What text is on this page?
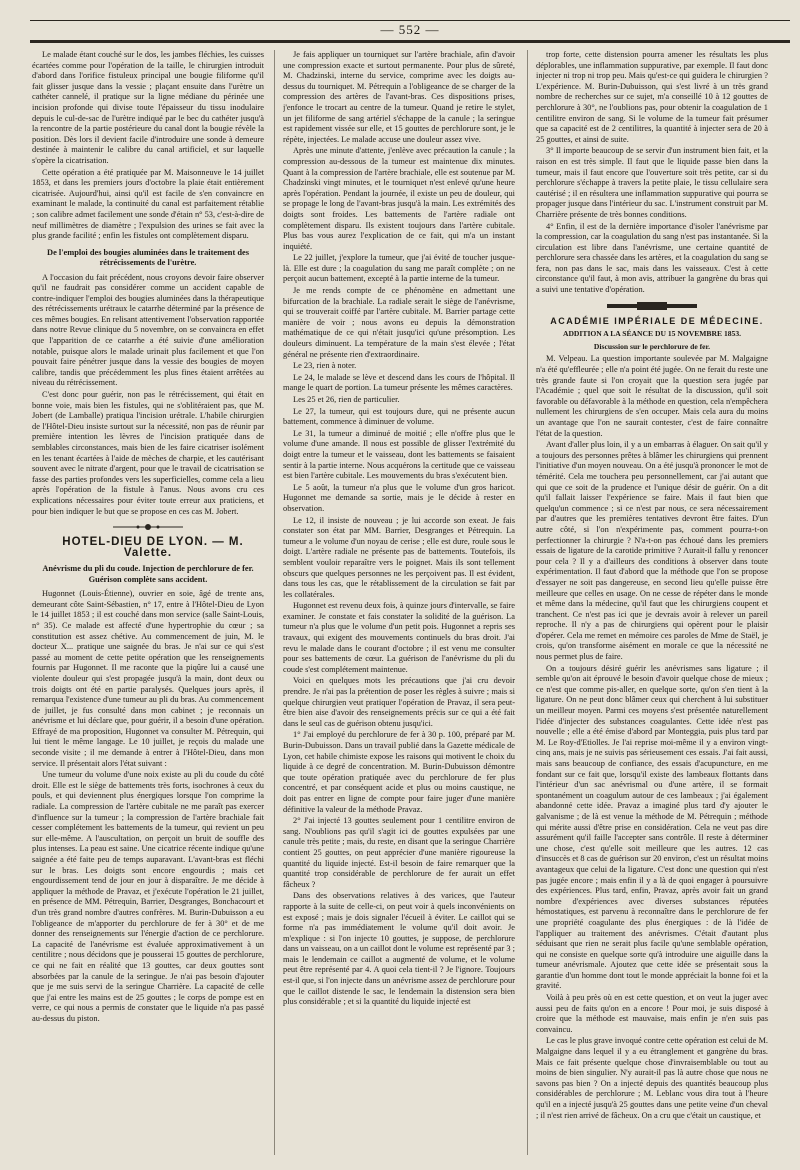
— 552 —

Le malade étant couché sur le dos, les jambes fléchies, les cuisses écartées comme pour l'opération de la taille, le chirurgien introduit d'abord dans l'orifice fistuleux principal une bougie filiforme qu'il fait glisser jusque dans la vessie ; plaçant ensuite dans l'urètre un cathéter cannelé, il pratique sur la ligne médiane du périnée une incision profonde qui divise toute l'épaisseur du tissu inodulaire depuis le cul-de-sac de l'urètre indiqué par le bec du cathéter jusqu'à la rencontre de la partie postérieure du canal dont la bougie révèle la position. Dès lors il devient facile d'introduire une sonde à demeure destinée à maintenir le calibre du canal artificiel, et sur laquelle s'opère la cicatrisation.

Cette opération a été pratiquée par M. Maisonneuve le 14 juillet 1853, et dans les premiers jours d'octobre la plaie était entièrement cicatrisée. Aujourd'hui, ainsi qu'il est facile de s'en convaincre en examinant le malade, la continuité du canal est parfaitement rétablie ; son calibre admet facilement une sonde d'étain n° 53, c'est-à-dire de neuf millimètres de diamètre ; l'expulsion des urines se fait avec la plus grande facilité ; enfin les fistules ont complètement disparu.

De l'emploi des bougies aluminées dans le traitement des rétrécissements de l'urètre.

A l'occasion du fait précédent, nous croyons devoir faire observer qu'il ne faudrait pas considérer comme un accident capable de contre-indiquer l'emploi des bougies aluminées dans la thérapeutique des rétrécissements urétraux le catarrhe déterminé par la présence de ces mêmes bougies. En relisant attentivement l'observation rapportée dans notre Revue clinique du 5 novembre, on se convaincra en effet que l'apparition de ce catarrhe a été suivie d'une amélioration notable, puisque alors le malade urinait plus facilement et que l'on pouvait faire pénétrer jusque dans la vessie des bougies de moyen calibre, tandis que précédemment les plus fines étaient arrêtées au niveau du rétrécissement.

C'est donc pour guérir, non pas le rétrécissement, qui était en bonne voie, mais bien les fistules, qui ne s'oblitéraient pas, que M. Jobert (de Lamballe) pratiqua l'incision urétrale. L'habile chirurgien de l'Hôtel-Dieu insiste surtout sur la nécessité, non pas de réunir par première intention les lèvres de l'incision pratiquée dans de semblables circonstances, mais bien de les faire cicatriser isolément en les tenant écartées à l'aide de mèches de charpie, et les cautérisant souvent avec le nitrate d'argent, pour que le travail de cicatrisation se fasse des parties profondes vers les superficielles, comme cela a lieu après l'opération de la fistule à l'anus. Nous avons cru ces explications nécessaires pour éviter toute erreur aux praticiens, et pour bien indiquer le but que se propose en ces cas M. Jobert.

HOTEL-DIEU DE LYON. — M. Valette.

Anévrisme du pli du coude. Injection de perchlorure de fer. Guérison complète sans accident.

Hugonnet (Louis-Étienne), ouvrier en soie, âgé de trente ans, demeurant côte Saint-Sébastien, n° 17, entre à l'Hôtel-Dieu de Lyon le 14 juillet 1853 ; il est couché dans mon service (salle Saint-Louis, n° 35). Ce malade est affecté d'une hypertrophie du cœur ; sa constitution est assez chétive. Au commencement de juin, M. le docteur X... pratique une saignée du bras. Je n'ai sur ce qui s'est passé au moment de cette petite opération que les renseignements fournis par Hugonnet. Il me raconte que la piqûre lui a causé une violente douleur qui s'est propagée jusqu'à la main, dont deux ou trois doigts ont été en partie paralysés. Quelques jours après, il remarqua l'existence d'une tumeur au pli du bras. Au commencement de juillet, je fus consulté dans mon cabinet ; je reconnais un anévrisme et lui déclare que, pour guérir, il a besoin d'une opération. Effrayé de ma proposition, Hugonnet va consulter M. Pétrequin, qui lui tient le même langage. Le 10 juillet, je reçois du malade une seconde visite ; il me demande à entrer à l'Hôtel-Dieu, dans mon service. Il présentait alors l'état suivant :

Une tumeur du volume d'une noix existe au pli du coude du côté droit. Elle est le siège de battements très forts, isochrones à ceux du pouls, et qui deviennent plus énergiques lorsque l'on comprime la radiale. La compression de l'artère cubitale ne me paraît pas exercer d'influence sur la tumeur ; la compression de l'artère brachiale fait cesser complétement les battements de la tumeur, qui revient un peu sur elle-même. A l'auscultation, on perçoit un bruit de souffle des plus intenses. La peau est saine. Une cicatrice récente indique qu'une saignée a été faite peu de temps auparavant. L'avant-bras est fléchi sur le bras. Les doigts sont encore engourdis ; mais cet engourdissement tend de jour en jour à disparaître. Je me décide à appliquer la méthode de Pravaz, et j'exécute l'opération le 21 juillet, en présence de MM. Pétrequin, Barrier, Desgranges, Bonchacourt et d'un très grand nombre d'autres confrères. M. Burin-Dubuisson a eu l'obligeance de m'apporter du perchlorure de fer à 30° et de me donner des renseignements sur l'énergie d'action de ce perchlorure. La capacité de l'anévrisme est évaluée approximativement à un centilitre ; nous décidons que je pousserai 15 gouttes de perchlorure, ce qui ne fait en réalité que 13 gouttes, car deux gouttes sont absorbées par la canule de la seringue. Je n'ai pas besoin d'ajouter que je me suis servi de la seringue Charrière. La capacité de celle que j'ai entre les mains est de 25 gouttes ; le corps de pompe est en verre, ce qui nous a permis de constater que le liquide n'a pas passé au-dessus du piston.

Je fais appliquer un tourniquet sur l'artère brachiale, afin d'avoir une compression exacte et surtout permanente. Pour plus de sûreté, M. Chadzinski, interne du service, comprime avec les doigts au-dessus du tourniquet. M. Pétrequin a l'obligeance de se charger de la compression des artères de l'avant-bras. Ces dispositions prises, j'enfonce le trocart au centre de la tumeur. Quand je retire le stylet, un jet filiforme de sang artériel s'échappe de la canule ; la seringue est rapidement vissée sur elle, et 15 gouttes de perchlorure sont, je le répète, injectées. Le malade accuse une douleur assez vive.

Après une minute d'attente, j'enlève avec précaution la canule ; la compression au-dessous de la tumeur est maintenue dix minutes. Quant à la compression de l'artère brachiale, elle est soutenue par M. Chadzinski vingt minutes, et le tourniquet n'est enlevé qu'une heure après l'opération. Pendant la journée, il existe un peu de douleur, qui se propage le long de l'avant-bras jusqu'à la main. Les extrémités des doigts sont froides. Les battements de l'artère radiale ont complètement disparu. Ils existent toujours dans l'artère cubitale. Plus bas vous aurez l'explication de ce fait, qui m'a un instant inquiété.

Le 22 juillet, j'explore la tumeur, que j'ai évité de toucher jusque-là. Elle est dure ; la coagulation du sang me paraît complète ; on ne perçoit aucun battement, excepté à la partie interne de la tumeur.

Je me rends compte de ce phénomène en admettant une bifurcation de la brachiale. La radiale serait le siège de l'anévrisme, qui se trouverait coiffé par l'artère cubitale. M. Barrier partage cette manière de voir ; nous avons eu depuis la démonstration mathématique de ce qui n'était jusqu'ici qu'une présomption. Les douleurs diminuent. La température de la main s'est élevée ; l'état général ne présente rien d'extraordinaire.

Le 23, rien à noter.

Le 24, le malade se lève et descend dans les cours de l'hôpital. Il mange le quart de portion. La tumeur présente les mêmes caractères.

Les 25 et 26, rien de particulier.

Le 27, la tumeur, qui est toujours dure, qui ne présente aucun battement, commence à diminuer de volume.

Le 31, la tumeur a diminué de moitié ; elle n'offre plus que le volume d'une amande. Il nous est possible de glisser l'extrémité du doigt entre la tumeur et le vaisseau, dont les battements se faisaient sentir à la partie interne. Nous acquérons la certitude que ce vaisseau est bien l'artère cubitale. Les mouvements du bras s'exécutent bien.

Le 5 août, la tumeur n'a plus que le volume d'un gros haricot. Hugonnet me demande sa sortie, mais je le décide à rester en observation.

Le 12, il insiste de nouveau ; je lui accorde son exeat. Je fais constater son état par MM. Barrier, Desgranges et Pétrequin. La tumeur a le volume d'un noyau de cerise ; elle est dure, roule sous le doigt. L'artère radiale ne présente pas de battements. Toutefois, ils semblent vouloir reparaître vers le poignet. Mais ils sont tellement obscurs que quelques personnes ne les perçoivent pas. Il est évident, dans tous les cas, que le rétablissement de la circulation se fait par les collatérales.

Hugonnet est revenu deux fois, à quinze jours d'intervalle, se faire examiner. Je constate et fais constater la solidité de la guérison. La tumeur n'a plus que le volume d'un petit pois. Hugonnet a repris ses travaux, qui exigent des mouvements continuels du bras droit. J'ai revu le malade dans le courant d'octobre ; il est venu me consulter pour ses battements de cœur. La guérison de l'anévrisme du pli du coude s'est complétement maintenue.

Voici en quelques mots les précautions que j'ai cru devoir prendre. Je n'ai pas la prétention de poser les règles à suivre ; mais si quelque chirurgien veut pratiquer l'opération de Pravaz, il sera peut-être bien aise d'avoir des renseignements précis sur ce qui a été fait dans le seul cas de guérison obtenu jusqu'ici.

1° J'ai employé du perchlorure de fer à 30 p. 100, préparé par M. Burin-Dubuisson. Dans un travail publié dans la Gazette médicale de Lyon, cet habile chimiste expose les raisons qui motivent le choix du liquide à ce degré de concentration. M. Burin-Dubuisson démontre que toute opération pratiquée avec du perchlorure de fer plus concentré, et par conséquent acide et plus ou moins caustique, ne doit pas entrer en ligne de compte pour faire juger d'une manière définitive la valeur de la méthode Pravaz.

2° J'ai injecté 13 gouttes seulement pour 1 centilitre environ de sang. N'oublions pas qu'il s'agit ici de gouttes expulsées par une canule très petite ; mais, du reste, en disant que la seringue Charrière contient 25 gouttes, on peut apprécier d'une manière rigoureuse la quantité du liquide injecté. Est-il besoin de faire remarquer que la quantité trop considérable de perchlorure de fer aurait un effet fâcheux ?

Dans des observations relatives à des varices, que l'auteur rapporte à la suite de celle-ci, on peut voir à quels inconvénients on est exposé ; mais je dois signaler l'écueil à éviter. Le caillot qui se forme n'a pas immédiatement le volume qu'il doit avoir. Je m'explique : si l'on injecte 10 gouttes, je suppose, de perchlorure dans un vaisseau, on a un caillot dont le volume est représenté par 3 ; mais le lendemain ce caillot a augmenté de volume, et le volume peut être représenté par 4. A quoi cela tient-il ? Je l'ignore. Toujours est-il que, si l'on injecte dans un anévrisme assez de perchlorure pour que le caillot distende le sac, le lendemain la distension sera bien plus considérable ; et si la quantité du liquide injecté est

trop forte, cette distension pourra amener les résultats les plus déplorables, une inflammation suppurative, par exemple. Il faut donc injecter ni trop ni trop peu. Mais qu'est-ce qui guidera le chirurgien ? L'expérience. M. Burin-Dubuisson, qui s'est livré à un très grand nombre de recherches sur ce sujet, m'a conseillé 10 à 12 gouttes de perchlorure à 30°, ne l'oublions pas, pour obtenir la coagulation de 1 centilitre environ de sang. Si le volume de la tumeur fait présumer que sa capacité est de 2 centilitres, la quantité à injecter sera de 20 à 25 gouttes, et ainsi de suite.

3° Il importe beaucoup de se servir d'un instrument bien fait, et la raison en est très simple. Il faut que le liquide passe bien dans la tumeur, mais il faut encore que l'ouverture soit très petite, car si du perchlorure s'échappe à travers la petite plaie, le tissu cellulaire sera cautérisé ; il en résultera une inflammation suppurative qui pourra se propager jusque dans l'intérieur du sac. L'instrument construit par M. Charrière présente de très bonnes conditions.

4° Enfin, il est de la dernière importance d'isoler l'anévrisme par la compression, car la coagulation du sang n'est pas instantanée. Si la circulation est libre dans l'anévrisme, une certaine quantité de perchlorure sera chassée dans les artères, et la coagulation du sang se fera, non pas dans le sac, mais dans les vaisseaux. C'est à cette circonstance qu'il faut, à mon avis, attribuer la gangrène du bras qui a suivi une tentative d'opération.

ACADÉMIE IMPÉRIALE DE MÉDECINE.

ADDITION A LA SÉANCE DU 15 NOVEMBRE 1853.

Discussion sur le perchlorure de fer.

M. Velpeau. La question importante soulevée par M. Malgaigne n'a été qu'effleurée ; elle n'a point été jugée. On ne ferait du reste une très grande faute si l'on croyait que la question sera jugée par l'Académie ; quel que soit le résultat de la discussion, qu'il soit favorable ou défavorable à la méthode en question, cela n'empêchera nullement les chirurgiens de s'en occuper. Mais cela aura du moins un avantage que l'on ne saurait contester, c'est de faire connaître l'état de la question.

Avant d'aller plus loin, il y a un embarras à élaguer. On sait qu'il y a toujours des personnes prêtes à blâmer les chirurgiens qui prennent l'initiative d'un moyen nouveau. On a été jusqu'à prononcer le mot de témérité. Cela me touchera peu personnellement, car j'ai autant que qui que ce soit de la prudence et l'unique désir de guérir. On a dit qu'il fallait laisser l'expérience se faire. Mais il faut bien que quelqu'un commence ; si ce n'est par nous, ce sera nécessairement par d'autres que les premières tentatives devront être faites. D'un autre côté, si l'on n'expérimente pas, comment pourra-t-on perfectionner la chirurgie ? N'a-t-on pas échoué dans les premiers essais de ligature de la carotide primitive ? Aurait-il fallu y renoncer pour cela ? Il y a d'ailleurs des conditions à observer dans toute expérimentation. Il faut d'abord que la méthode que l'on se propose d'essayer ne soit pas dangereuse, en second lieu qu'elle puisse être meilleure que celles en usage. On ne cesse de répéter dans le monde et même dans la médecine, qu'il faut que les chirurgiens coupent et tranchent. Ce n'est pas ici que je devrais avoir à relever un pareil reproche. Il n'y a pas de chirurgiens qui opèrent pour le plaisir d'opérer. Cela me remet en mémoire ces paroles de Mme de Staël, je crois, qu'on transforme aisément en morale ce que la nécessité ne nous permet plus de faire.

On a toujours désiré guérir les anévrismes sans ligature ; il semble qu'on ait éprouvé le besoin d'avoir quelque chose de mieux ; ce n'est que comme pis-aller, en quelque sorte, qu'on s'en tient à la ligature. On ne peut donc blâmer ceux qui cherchent à lui substituer un meilleur moyen. Parmi ces moyens s'est présentée naturellement l'idée d'injecter des substances coagulantes. Cette idée n'est pas nouvelle ; elle a été émise d'abord par Monteggia, puis plus tard par M. Le Roy-d'Etiolles. Je l'ai reprise moi-même il y a environ vingt-cinq ans, mais je ne suivis pas sérieusement ces essais. J'ai fait aussi, mais sans beaucoup de confiance, des essais d'acupuncture, en me fondant sur ce fait que, lorsqu'il existe des lambeaux flottants dans l'intérieur d'un sac anévrismal ou d'une artère, il se formait spontanément un coagulum autour de ces lambeaux ; j'ai également abandonné cette idée. Pravaz a imaginé plus tard d'y ajouter le galvanisme ; de là est venue la méthode de M. Pétrequin ; méthode qui mérite aussi d'être prise en considération. Cela ne veut pas dire assurément qu'il faille l'accepter sans contrôle. Il reste à déterminer une chose, c'est qu'elle soit meilleure que les autres. 12 cas d'insuccès et 8 cas de guérison sur 20 environ, c'est un résultat moins avantageux que celui de la ligature. C'est donc une question qui n'est pas jugée encore ; mais enfin il y a là de quoi engager à poursuivre des expériences. Plus tard, enfin, Pravaz, après avoir fait un grand nombre d'expériences avec diverses substances réputées hémostatiques, est parvenu à reconnaître dans le perchlorure de fer une propriété coagulante des plus énergiques : de là l'idée de l'appliquer au traitement des anévrismes. C'était d'autant plus séduisant que rien ne serait plus facile qu'une semblable opération, qui ne consiste en quelque sorte qu'à introduire une aiguille dans la tumeur anévrismale. Ajoutez que cette idée se présentait sous la garantie d'un homme dont tout le monde appréciait la bonne foi et la gravité.

Voilà à peu près où en est cette question, et on veut la juger avec aussi peu de faits qu'on en a encore ! Pour moi, je suis disposé à croire que la méthode est mauvaise, mais enfin je n'en suis pas convaincu.

Le cas le plus grave invoqué contre cette opération est celui de M. Malgaigne dans lequel il y a eu étranglement et gangrène du bras. Mais ce fait présente quelque chose d'invraisemblable ou tout au moins de bien singulier. N'y aurait-il pas là autre chose que nous ne savons pas bien ? On a injecté depuis des quantités beaucoup plus considérables de perchlorure ; M. Leblanc vous dira tout à l'heure qu'il en a injecté jusqu'à 25 gouttes dans une petite veine d'un cheval ; il n'est rien arrivé de fâcheux. On a cru que c'était un caustique, et
